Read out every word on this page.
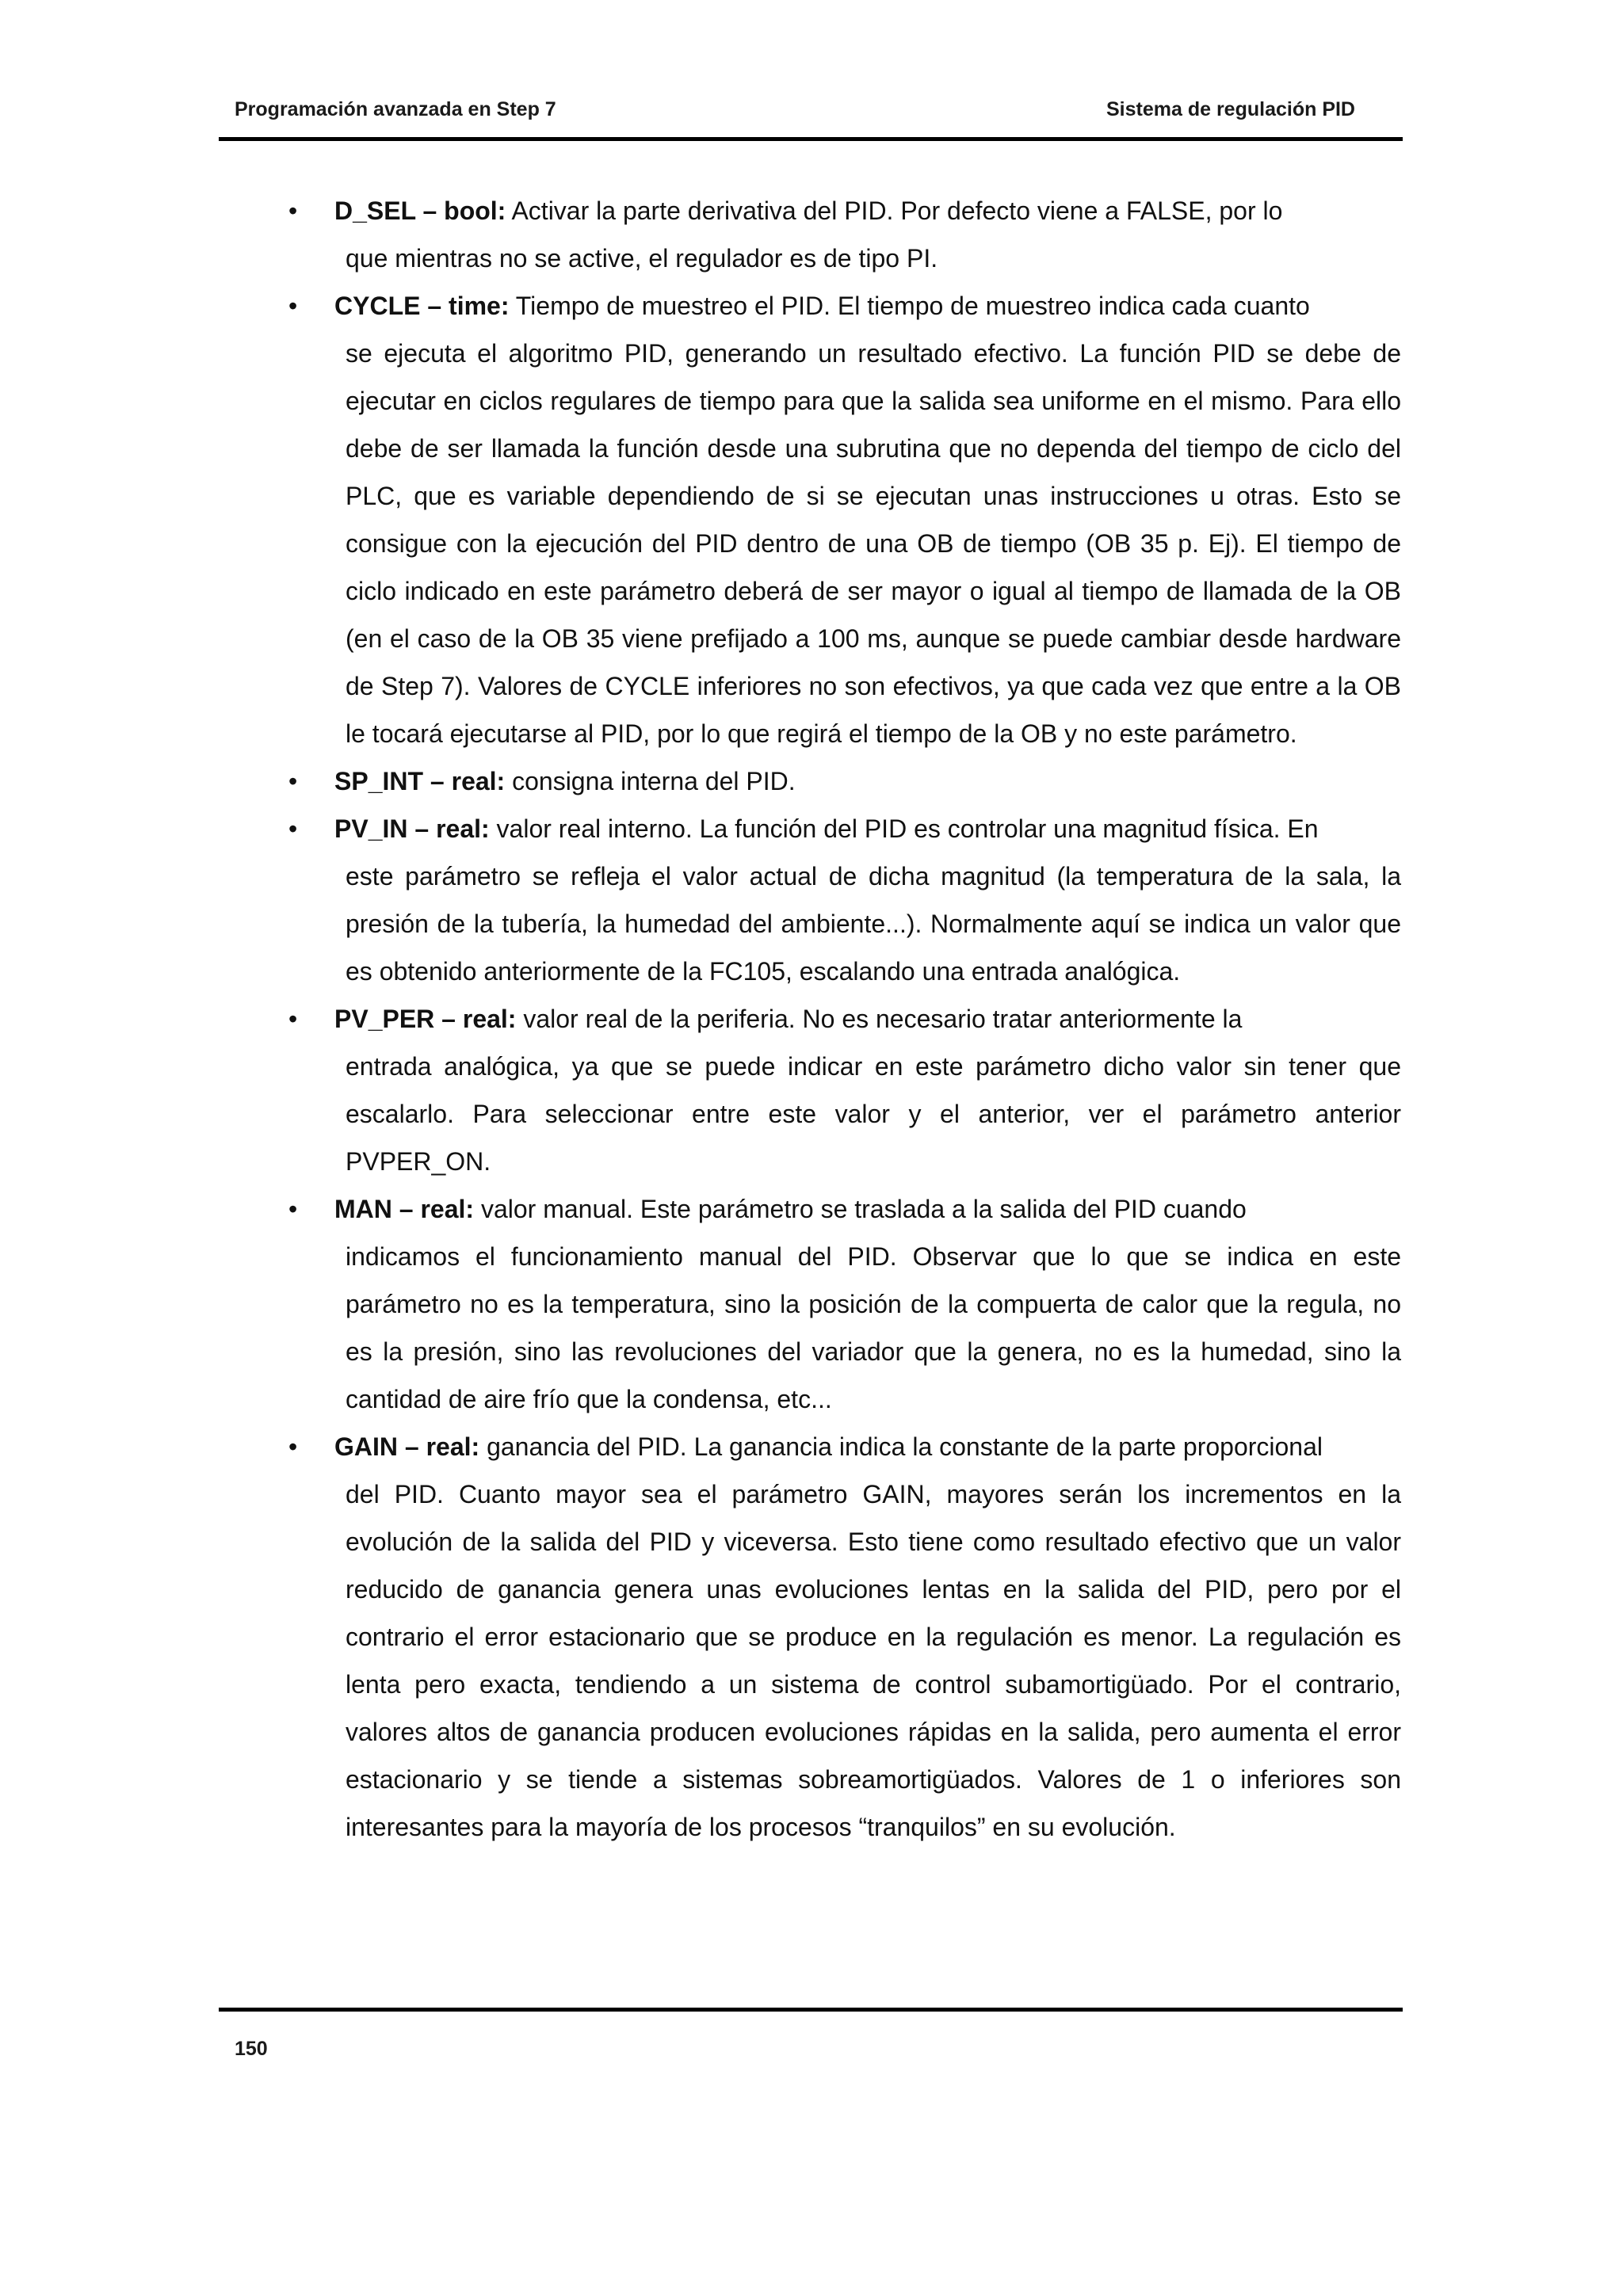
Programación avanzada en Step 7	Sistema de regulación PID
•	D_SEL – bool: Activar la parte derivativa del PID. Por defecto viene a FALSE, por lo
que mientras no se active, el regulador es de tipo PI.

•	CYCLE – time: Tiempo de muestreo el PID. El tiempo de muestreo indica cada cuanto
se ejecuta el algoritmo PID, generando un resultado efectivo. La función PID se debe de ejecutar en ciclos regulares de tiempo para que la salida sea uniforme en el mismo. Para ello debe de ser llamada la función desde una subrutina que no dependa del tiempo de ciclo del PLC, que es variable dependiendo de si se ejecutan unas instrucciones u otras. Esto se consigue con la ejecución del PID dentro de una OB de tiempo (OB 35 p. Ej). El tiempo de ciclo indicado en este parámetro deberá de ser mayor o igual al tiempo de llamada de la OB (en el caso de la OB 35 viene prefijado a 100 ms, aunque se puede cambiar desde hardware de Step 7). Valores de CYCLE inferiores no son efectivos, ya que cada vez que entre a la OB le tocará ejecutarse al PID, por lo que regirá el tiempo de la OB y no este parámetro.

•	SP_INT – real: consigna interna del PID.

•	PV_IN – real: valor real interno. La función del PID es controlar una magnitud física. En
este parámetro se refleja el valor actual de dicha magnitud (la temperatura de la sala, la presión de la tubería, la humedad del ambiente...). Normalmente aquí se indica un valor que es obtenido anteriormente de la FC105, escalando una entrada analógica.

•	PV_PER – real: valor real de la periferia. No es necesario tratar anteriormente la
entrada analógica, ya que se puede indicar en este parámetro dicho valor sin tener que escalarlo. Para seleccionar entre este valor y el anterior, ver el parámetro anterior PVPER_ON.

•	MAN – real: valor manual. Este parámetro se traslada a la salida del PID cuando
indicamos el funcionamiento manual del PID. Observar que lo que se indica en este parámetro no es la temperatura, sino la posición de la compuerta de calor que la regula, no es la presión, sino las revoluciones del variador que la genera, no es la humedad, sino la cantidad de aire frío que la condensa, etc...

•	GAIN – real: ganancia del PID. La ganancia indica la constante de la parte proporcional
del PID. Cuanto mayor sea el parámetro GAIN, mayores serán los incrementos en la evolución de la salida del PID y viceversa. Esto tiene como resultado efectivo que un valor reducido de ganancia genera unas evoluciones lentas en la salida del PID, pero por el contrario el error estacionario que se produce en la regulación es menor. La regulación es lenta pero exacta, tendiendo a un sistema de control subamortigüado. Por el contrario, valores altos de ganancia producen evoluciones rápidas en la salida, pero aumenta el error estacionario y se tiende a sistemas sobreamortigüados. Valores de 1 o inferiores son interesantes para la mayoría de los procesos “tranquilos” en su evolución.

150
